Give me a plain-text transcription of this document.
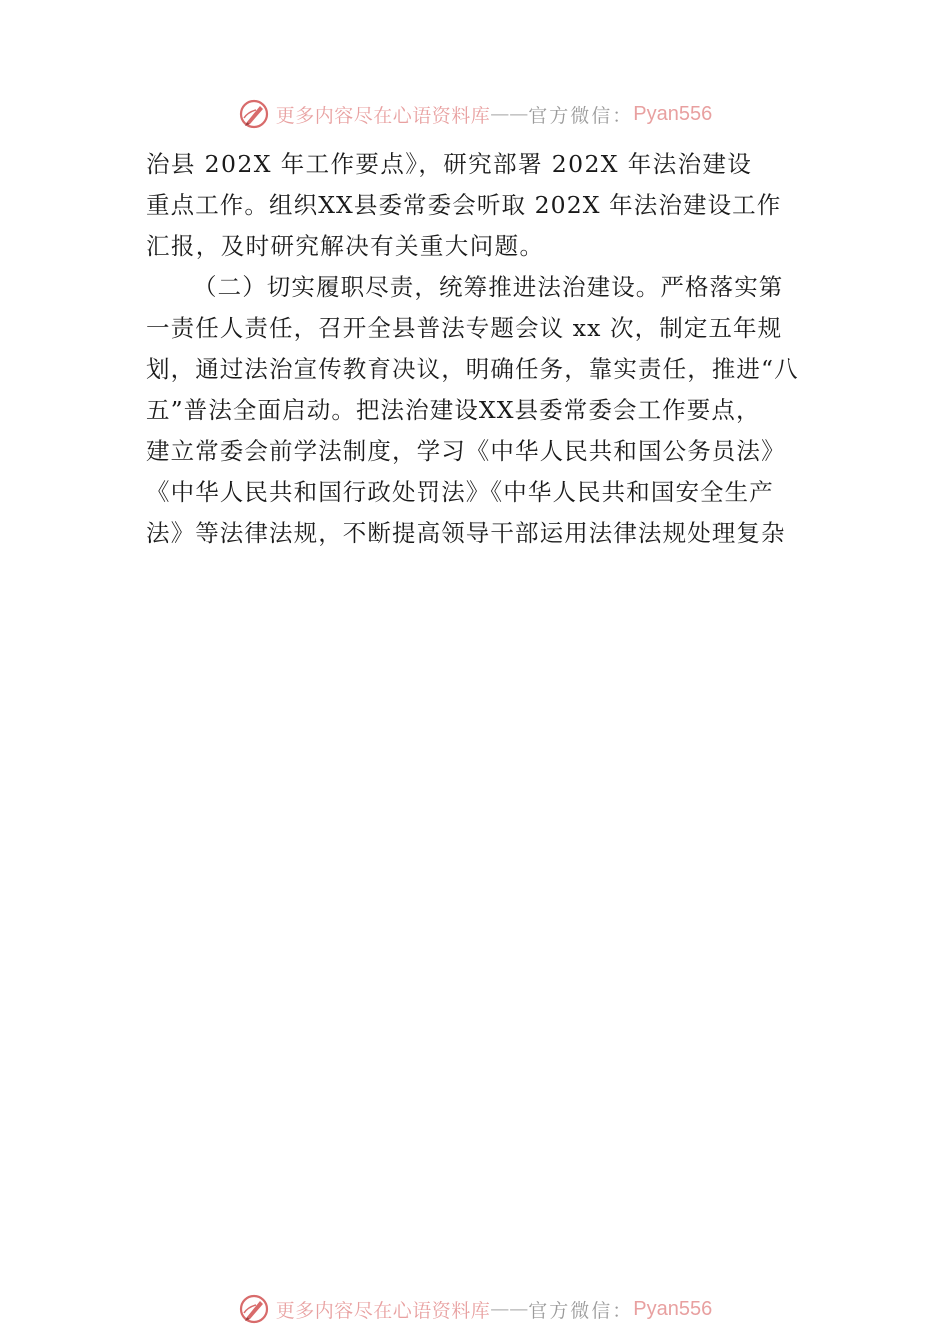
更多内容尽在心语资料库 —— 官方微信： Pyan556
治县 202X 年工作要点》，研究部署 202X 年法治建设
重点工作。组织XX县委常委会听取 202X 年法治建设工作
汇报，及时研究解决有关重大问题。
（二）切实履职尽责，统筹推进法治建设。严格落实第
一责任人责任，召开全县普法专题会议 xx 次，制定五年规
划，通过法治宣传教育决议，明确任务，靠实责任，推进“八
五”普法全面启动。把法治建设XX县委常委会工作要点，
建立常委会前学法制度，学习《中华人民共和国公务员法》
《中华人民共和国行政处罚法》《中华人民共和国安全生产
法》等法律法规，不断提高领导干部运用法律法规处理复杂
更多内容尽在心语资料库 —— 官方微信： Pyan556
